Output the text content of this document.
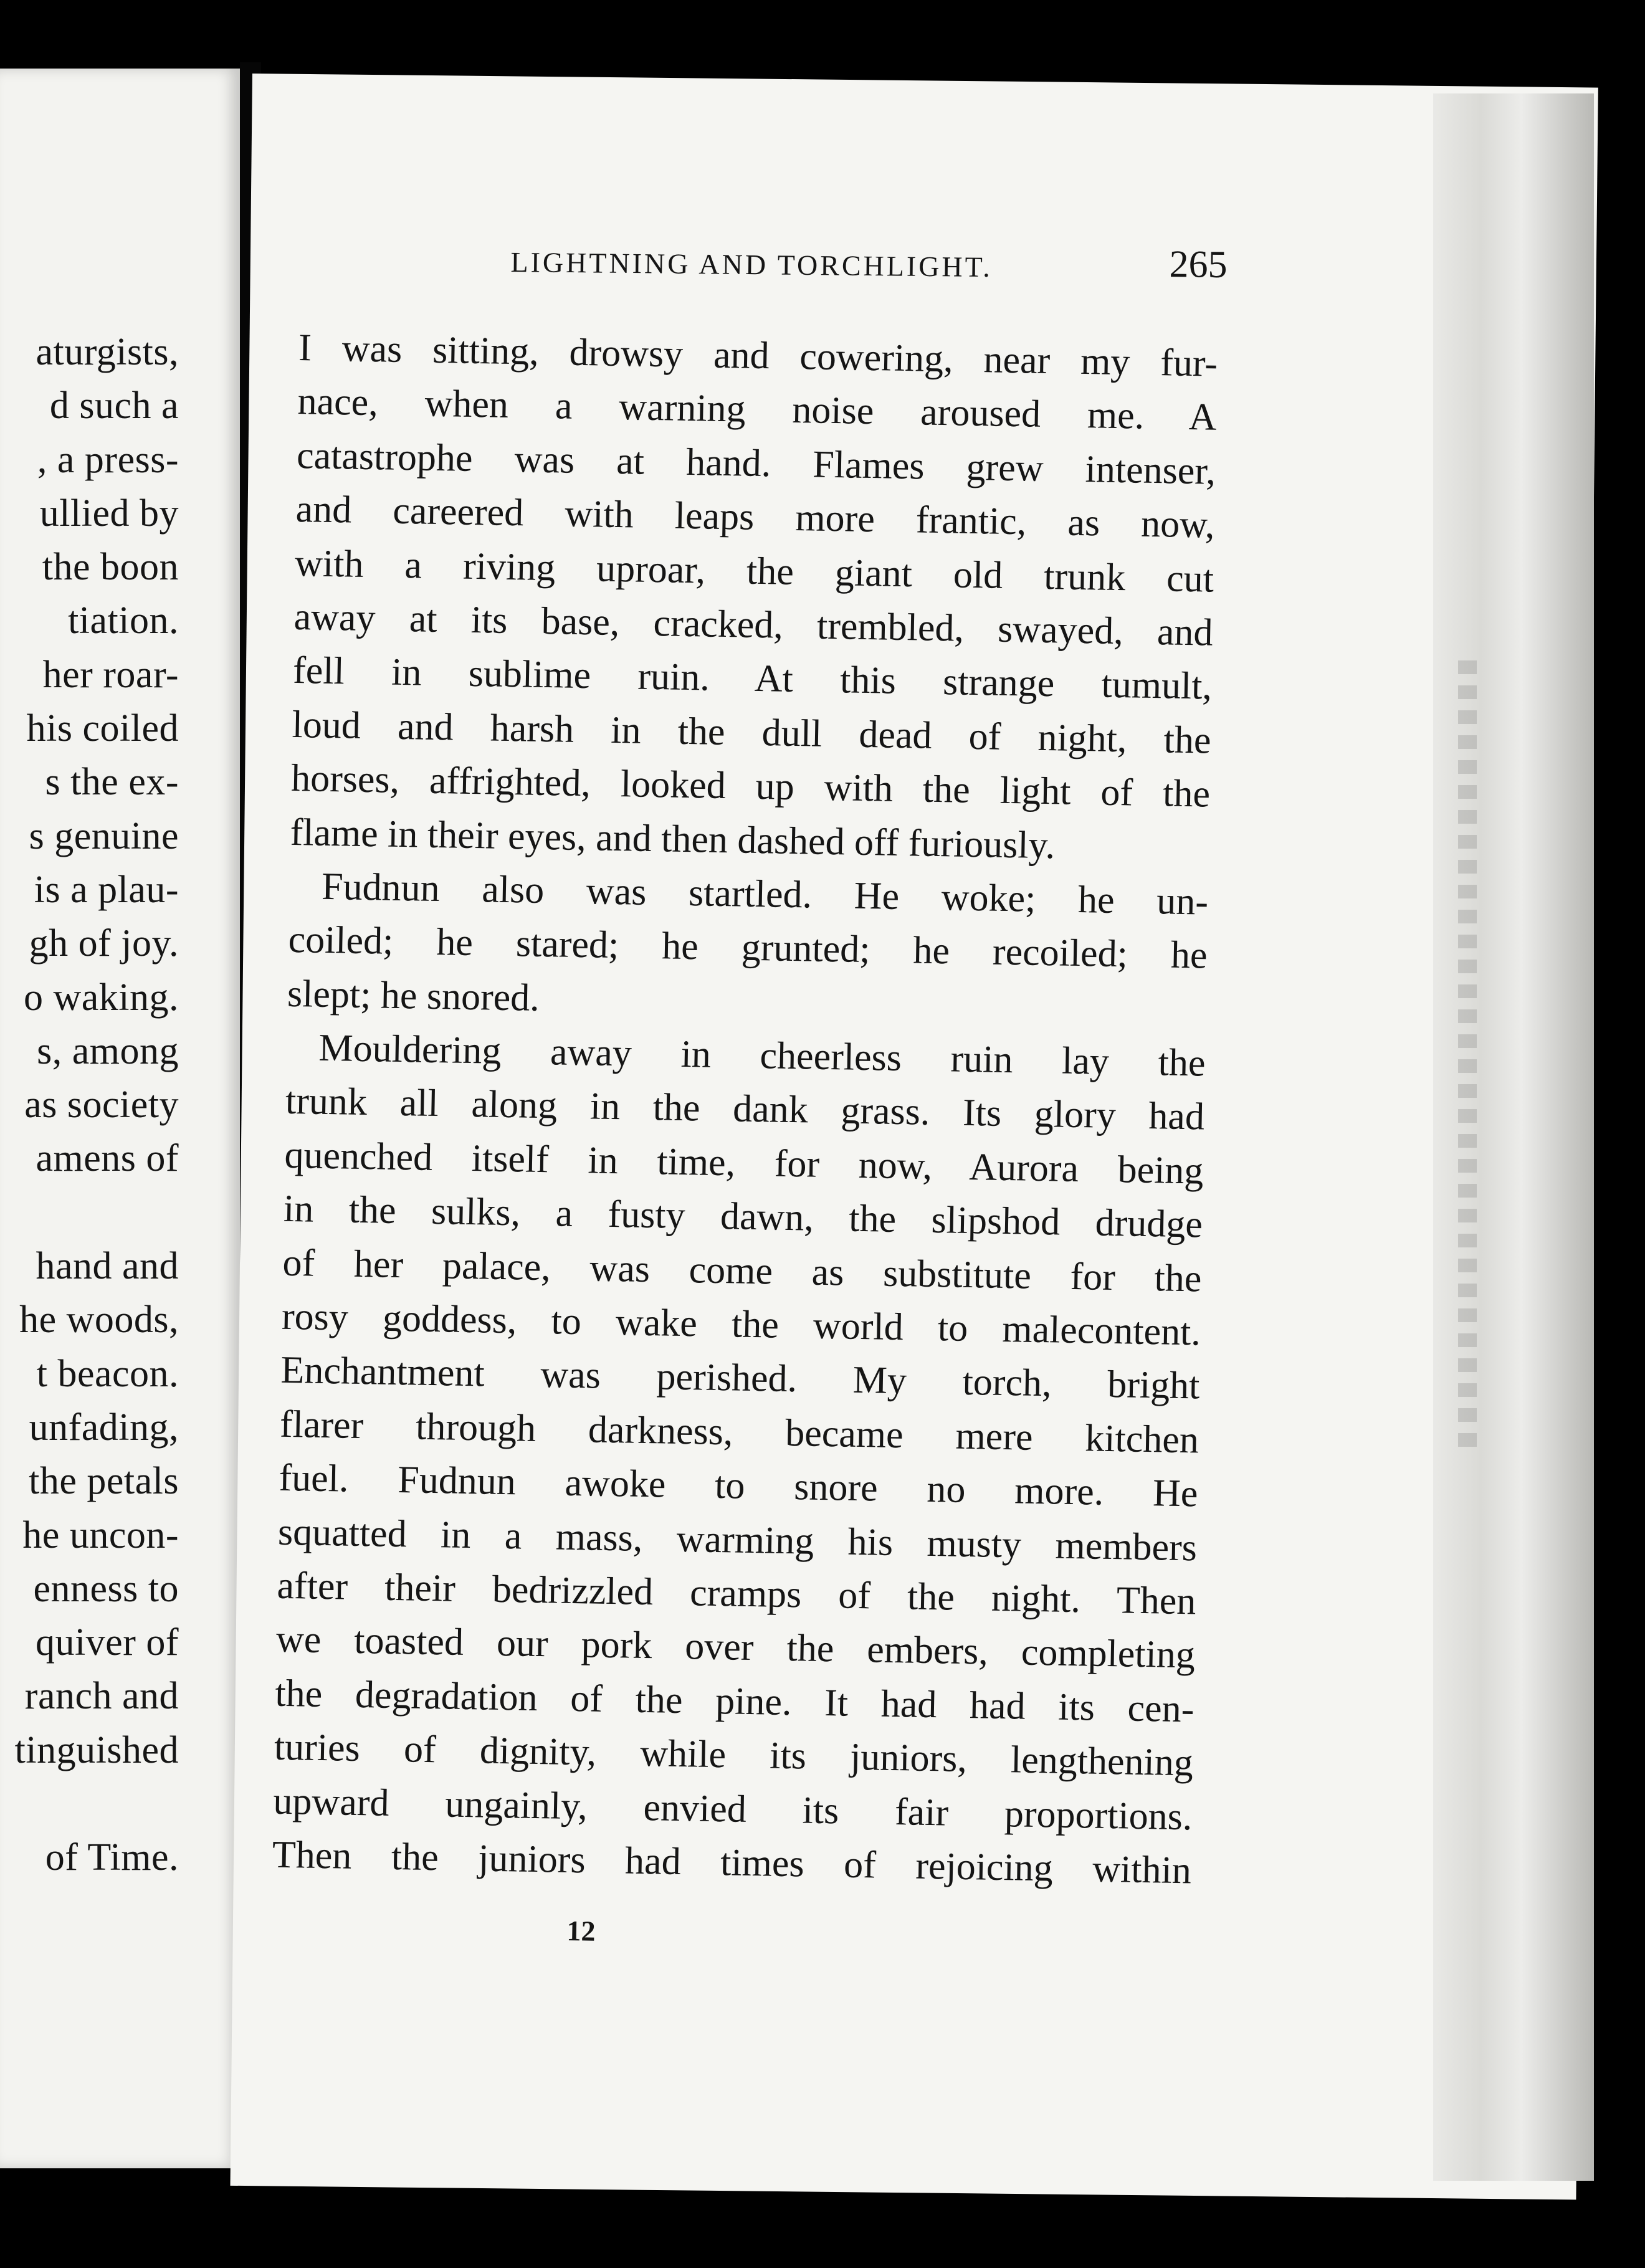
aturgists,
d such a
, a press-
ullied by
the boon
tiation.
her roar-
his coiled
s the ex-
s genuine
is a plau-
gh of joy.
o waking.
s, among
as society
amens of
hand and
he woods,
t beacon.
unfading,
the petals
he uncon-
enness to
quiver of
ranch and
tinguished
of Time.
LIGHTNING AND TORCHLIGHT.	265
I was sitting, drowsy and cowering, near my fur-
nace, when a warning noise aroused me. A
catastrophe was at hand. Flames grew intenser,
and careered with leaps more frantic, as now,
with a riving uproar, the giant old trunk cut
away at its base, cracked, trembled, swayed, and
fell in sublime ruin. At this strange tumult,
loud and harsh in the dull dead of night, the
horses, affrighted, looked up with the light of the
flame in their eyes, and then dashed off furiously.
Fudnun also was startled. He woke; he un-
coiled; he stared; he grunted; he recoiled; he
slept; he snored.
Mouldering away in cheerless ruin lay the
trunk all along in the dank grass. Its glory had
quenched itself in time, for now, Aurora being
in the sulks, a fusty dawn, the slipshod drudge
of her palace, was come as substitute for the
rosy goddess, to wake the world to malecontent.
Enchantment was perished. My torch, bright
flarer through darkness, became mere kitchen
fuel. Fudnun awoke to snore no more. He
squatted in a mass, warming his musty members
after their bedrizzled cramps of the night. Then
we toasted our pork over the embers, completing
the degradation of the pine. It had had its cen-
turies of dignity, while its juniors, lengthening
upward ungainly, envied its fair proportions.
Then the juniors had times of rejoicing within
12
